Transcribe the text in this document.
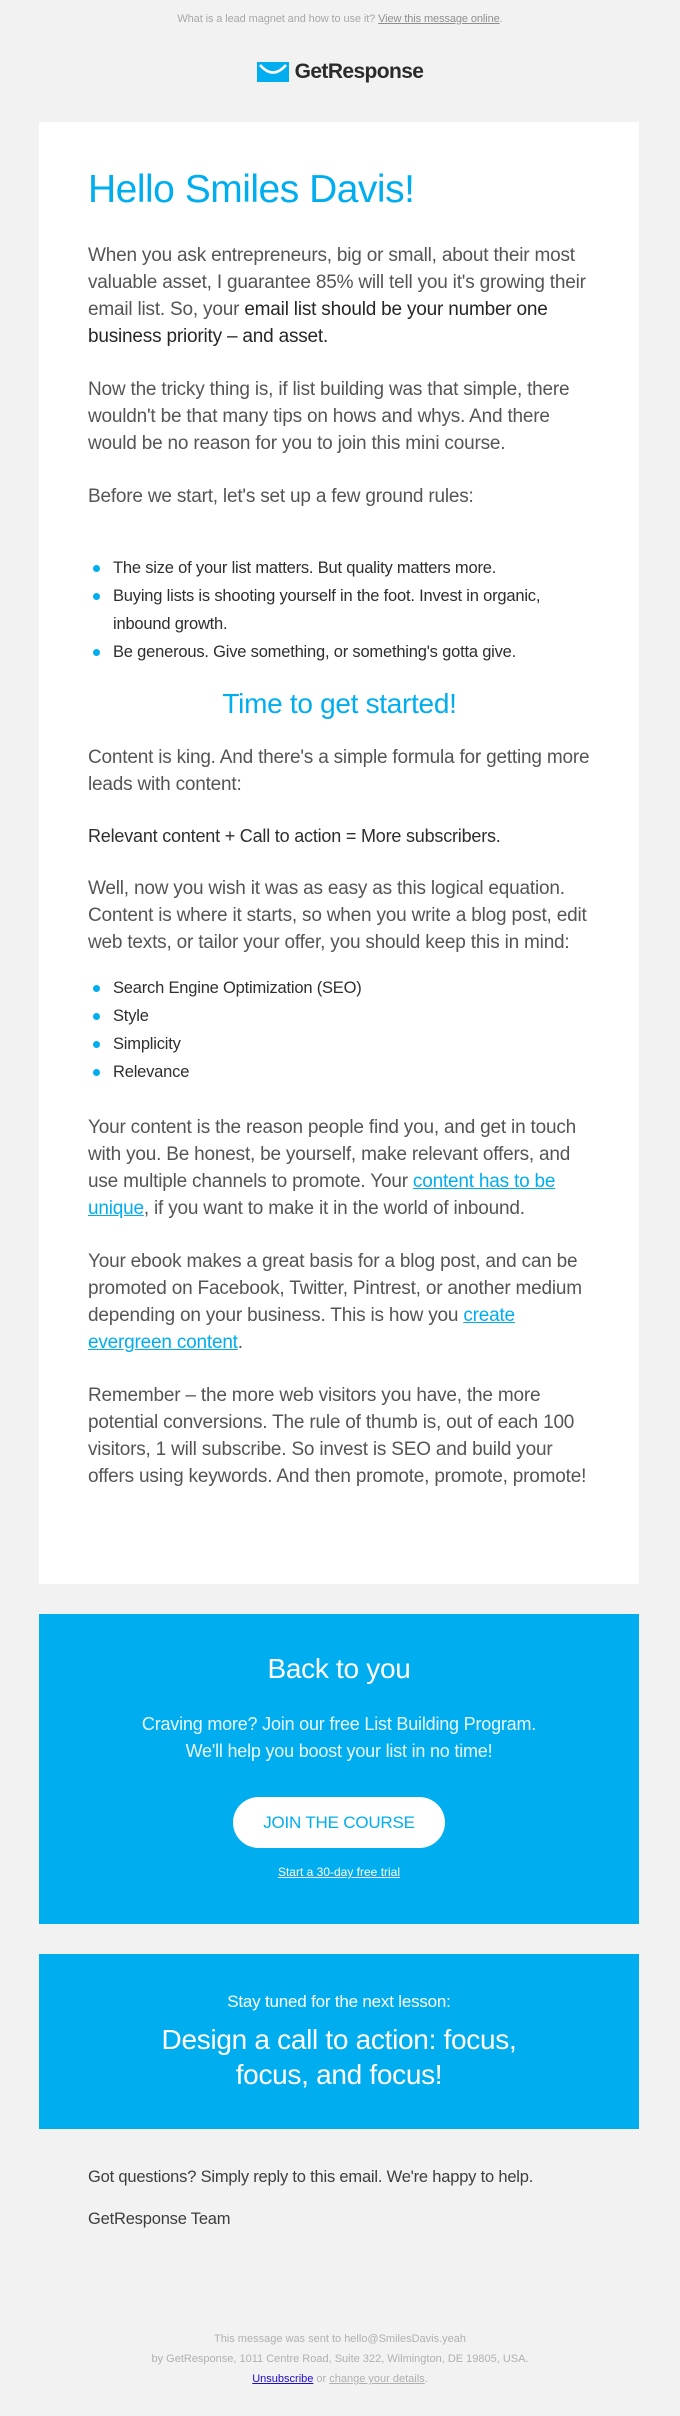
What is a lead magnet and how to use it? View this message online.
GetResponse
Hello Smiles Davis!

When you ask entrepreneurs, big or small, about their most valuable asset, I guarantee 85% will tell you it's growing their email list. So, your email list should be your number one business priority – and asset.

Now the tricky thing is, if list building was that simple, there wouldn't be that many tips on hows and whys. And there would be no reason for you to join this mini course.

Before we start, let's set up a few ground rules:

The size of your list matters. But quality matters more.
Buying lists is shooting yourself in the foot. Invest in organic, inbound growth.
Be generous. Give something, or something's gotta give.
Time to get started!

Content is king. And there's a simple formula for getting more leads with content:

Relevant content + Call to action = More subscribers.

Well, now you wish it was as easy as this logical equation. Content is where it starts, so when you write a blog post, edit web texts, or tailor your offer, you should keep this in mind:

Search Engine Optimization (SEO)
Style
Simplicity
Relevance

Your content is the reason people find you, and get in touch with you. Be honest, be yourself, make relevant offers, and use multiple channels to promote. Your content has to be unique, if you want to make it in the world of inbound.

Your ebook makes a great basis for a blog post, and can be promoted on Facebook, Twitter, Pintrest, or another medium depending on your business. This is how you create evergreen content.

Remember – the more web visitors you have, the more potential conversions. The rule of thumb is, out of each 100 visitors, 1 will subscribe. So invest is SEO and build your offers using keywords. And then promote, promote, promote!

Back to you
Craving more? Join our free List Building Program.
We'll help you boost your list in no time!
JOIN THE COURSE
Start a 30-day free trial
Stay tuned for the next lesson:
Design a call to action: focus, focus, and focus!

Got questions? Simply reply to this email. We're happy to help.

GetResponse Team

This message was sent to hello@SmilesDavis.yeah
by GetResponse, 1011 Centre Road, Suite 322, Wilmington, DE 19805, USA.
Unsubscribe or change your details.
